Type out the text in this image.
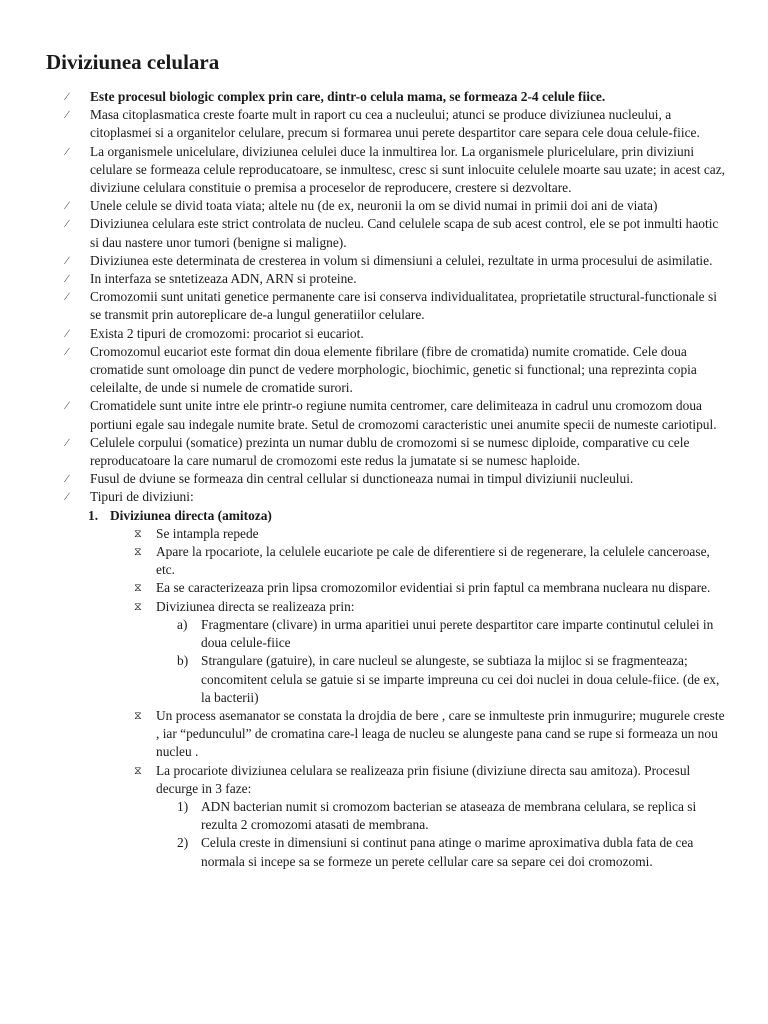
Diviziunea celulara
∕ Este procesul biologic complex prin care, dintr-o celula mama, se formeaza 2-4 celule fiice.
∕ Masa citoplasmatica creste foarte mult in raport cu cea a nucleului; atunci se produce diviziunea nucleului, a citoplasmei si a organitelor celulare, precum si formarea unui perete despartitor care separa cele doua celule-fiice.
∕ La organismele unicelulare, diviziunea celulei duce la inmultirea lor. La organismele pluricelulare, prin diviziuni celulare se formeaza celule reproducatoare, se inmultesc, cresc si sunt inlocuite celulele moarte sau uzate; in acest caz, diviziune celulara constituie o premisa a proceselor de reproducere, crestere si dezvoltare.
∕ Unele celule se divid toata viata; altele nu (de ex, neuronii la om se divid numai in primii doi ani de viata)
∕ Diviziunea celulara este strict controlata de nucleu. Cand celulele scapa de sub acest control, ele se pot inmulti haotic si dau nastere unor tumori (benigne si maligne).
∕ Diviziunea este determinata de cresterea in volum si dimensiuni a celulei, rezultate in urma procesului de asimilatie.
∕ In interfaza se sntetizeaza ADN, ARN si proteine.
∕ Cromozomii sunt unitati genetice permanente care isi conserva individualitatea, proprietatile structural-functionale si se transmit prin autoreplicare de-a lungul generatiilor celulare.
∕ Exista 2 tipuri de cromozomi: procariot si eucariot.
∕ Cromozomul eucariot este format din doua elemente fibrilare (fibre de cromatida) numite cromatide. Cele doua cromatide sunt omoloage din punct de vedere morphologic, biochimic, genetic si functional; una reprezinta copia celeilalte, de unde si numele de cromatide surori.
∕ Cromatidele sunt unite intre ele printr-o regiune numita centromer, care delimiteaza in cadrul unu cromozom doua portiuni egale sau indegale numite brate. Setul de cromozomi caracteristic unei anumite specii de numeste cariotipul.
∕ Celulele corpului (somatice) prezinta un numar dublu de cromozomi si se numesc diploide, comparative cu cele reproducatoare la care numarul de cromozomi este redus la jumatate si se numesc haploide.
∕ Fusul de dviune se formeaza din central cellular si dunctioneaza numai in timpul diviziunii nucleului.
∕ Tipuri de diviziuni:
1. Diviziunea directa (amitoza)
⧖ Se intampla repede
⧖ Apare la rpocariote, la celulele eucariote pe cale de diferentiere si de regenerare, la celulele canceroase, etc.
⧖ Ea se caracterizeaza prin lipsa cromozomilor evidentiai si prin faptul ca membrana nucleara nu dispare.
⧖ Diviziunea directa se realizeaza prin:
a) Fragmentare (clivare) in urma aparitiei unui perete despartitor care imparte continutul celulei in doua celule-fiice
b) Strangulare (gatuire), in care nucleul se alungeste, se subtiaza la mijloc si se fragmenteaza; concomitent celula se gatuie si se imparte impreuna cu cei doi nuclei in doua celule-fiice. (de ex, la bacterii)
⧖ Un process asemanator se constata la drojdia de bere , care se inmulteste prin inmugurire; mugurele creste , iar “pedunculul” de cromatina care-l leaga de nucleu se alungeste pana cand se rupe si formeaza un nou nucleu .
⧖ La procariote diviziunea celulara se realizeaza prin fisiune (diviziune directa sau amitoza). Procesul decurge in 3 faze:
1) ADN bacterian numit si cromozom bacterian se ataseaza de membrana celulara, se replica si rezulta 2 cromozomi atasati de membrana.
2) Celula creste in dimensiuni si continut pana atinge o marime aproximativa dubla fata de cea normala si incepe sa se formeze un perete cellular care sa separe cei doi cromozomi.
